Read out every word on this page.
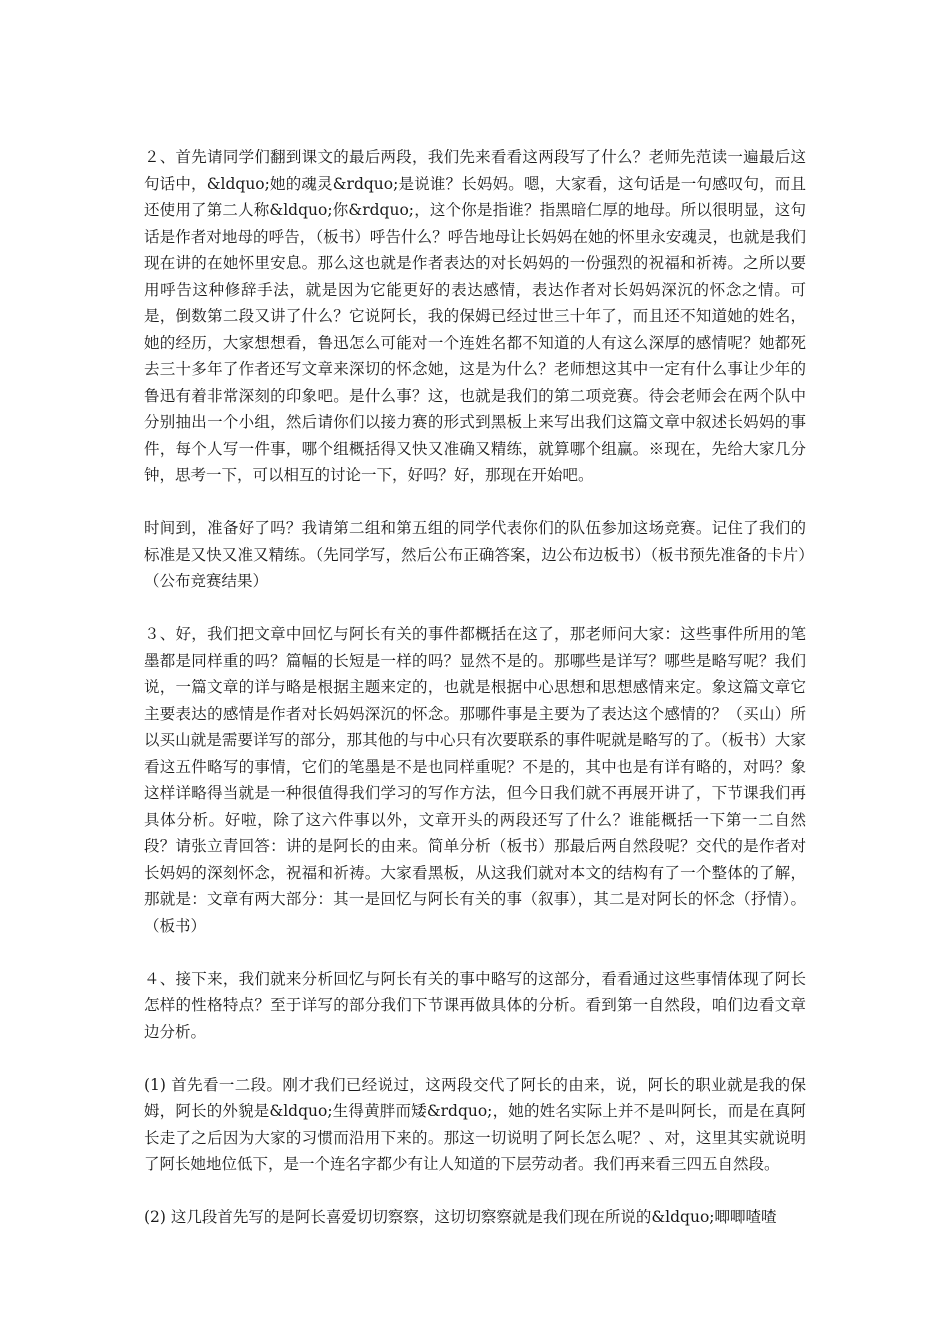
２、首先请同学们翻到课文的最后两段，我们先来看看这两段写了什么？老师先范读一遍最后这句话中，&ldquo;她的魂灵&rdquo;是说谁？长妈妈。嗯，大家看，这句话是一句感叹句，而且还使用了第二人称&ldquo;你&rdquo;，这个你是指谁？指黑暗仁厚的地母。所以很明显，这句话是作者对地母的呼告，（板书）呼告什么？呼告地母让长妈妈在她的怀里永安魂灵，也就是我们现在讲的在她怀里安息。那么这也就是作者表达的对长妈妈的一份强烈的祝福和祈祷。之所以要用呼告这种修辞手法，就是因为它能更好的表达感情，表达作者对长妈妈深沉的怀念之情。可是，倒数第二段又讲了什么？它说阿长，我的保姆已经过世三十年了，而且还不知道她的姓名，她的经历，大家想想看，鲁迅怎么可能对一个连姓名都不知道的人有这么深厚的感情呢？她都死去三十多年了作者还写文章来深切的怀念她，这是为什么？老师想这其中一定有什么事让少年的鲁迅有着非常深刻的印象吧。是什么事？这，也就是我们的第二项竞赛。待会老师会在两个队中分别抽出一个小组，然后请你们以接力赛的形式到黑板上来写出我们这篇文章中叙述长妈妈的事件，每个人写一件事，哪个组概括得又快又准确又精练，就算哪个组赢。※现在，先给大家几分钟，思考一下，可以相互的讨论一下，好吗？好，那现在开始吧。

时间到，准备好了吗？我请第二组和第五组的同学代表你们的队伍参加这场竞赛。记住了我们的标准是又快又准又精练。（先同学写，然后公布正确答案，边公布边板书）（板书预先准备的卡片）（公布竞赛结果）

３、好，我们把文章中回忆与阿长有关的事件都概括在这了，那老师问大家：这些事件所用的笔墨都是同样重的吗？篇幅的长短是一样的吗？显然不是的。那哪些是详写？哪些是略写呢？我们说，一篇文章的详与略是根据主题来定的，也就是根据中心思想和思想感情来定。象这篇文章它主要表达的感情是作者对长妈妈深沉的怀念。那哪件事是主要为了表达这个感情的？（买山）所以买山就是需要详写的部分，那其他的与中心只有次要联系的事件呢就是略写的了。（板书）大家看这五件略写的事情，它们的笔墨是不是也同样重呢？不是的，其中也是有详有略的，对吗？象这样详略得当就是一种很值得我们学习的写作方法，但今日我们就不再展开讲了，下节课我们再具体分析。好啦，除了这六件事以外，文章开头的两段还写了什么？谁能概括一下第一二自然段？请张立青回答：讲的是阿长的由来。简单分析（板书）那最后两自然段呢？交代的是作者对长妈妈的深刻怀念，祝福和祈祷。大家看黑板，从这我们就对本文的结构有了一个整体的了解，那就是：文章有两大部分：其一是回忆与阿长有关的事（叙事），其二是对阿长的怀念（抒情）。（板书）

４、接下来，我们就来分析回忆与阿长有关的事中略写的这部分，看看通过这些事情体现了阿长怎样的性格特点？至于详写的部分我们下节课再做具体的分析。看到第一自然段，咱们边看文章边分析。

(1) 首先看一二段。刚才我们已经说过，这两段交代了阿长的由来，说，阿长的职业就是我的保姆，阿长的外貌是&ldquo;生得黄胖而矮&rdquo;，她的姓名实际上并不是叫阿长，而是在真阿长走了之后因为大家的习惯而沿用下来的。那这一切说明了阿长怎么呢？、对，这里其实就说明了阿长她地位低下，是一个连名字都少有让人知道的下层劳动者。我们再来看三四五自然段。

(2) 这几段首先写的是阿长喜爱切切察察，这切切察察就是我们现在所说的&ldquo;唧唧喳喳
